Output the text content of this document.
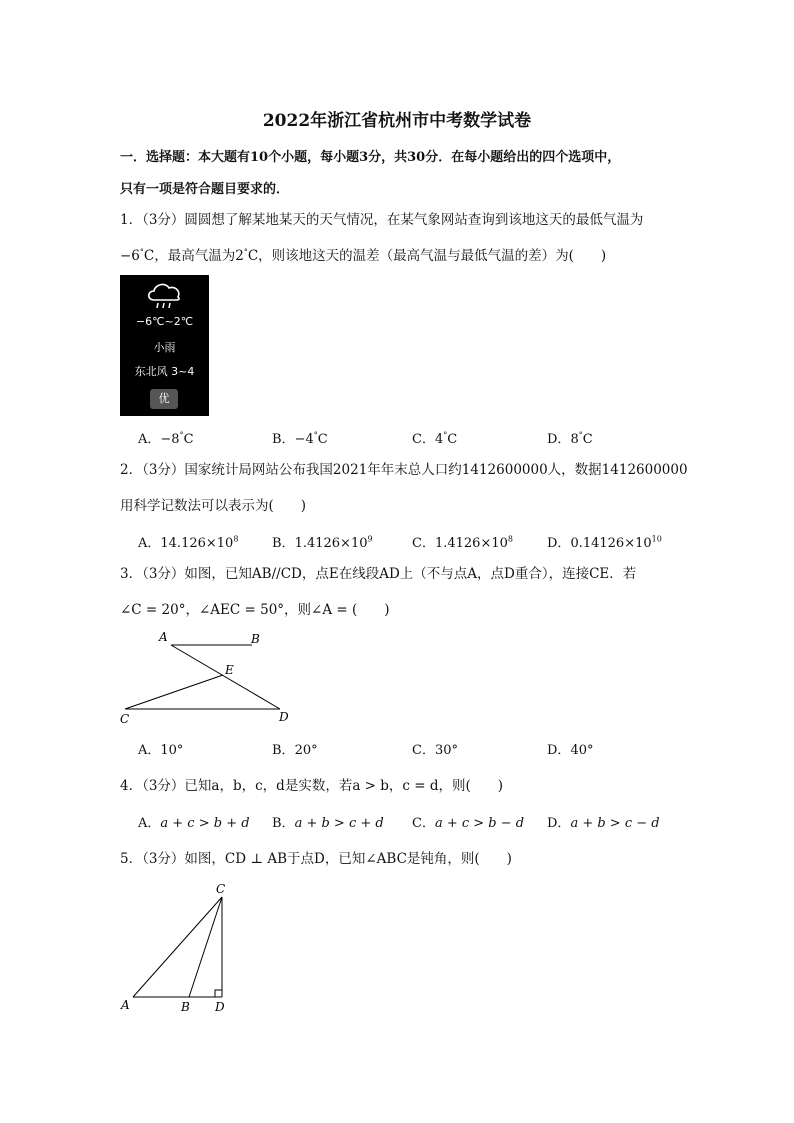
2022年浙江省杭州市中考数学试卷
一．选择题：本大题有10个小题，每小题3分，共30分．在每小题给出的四个选项中，
只有一项是符合题目要求的．
1．（3分）圆圆想了解某地某天的天气情况，在某气象网站查询到该地这天的最低气温为
−6°C，最高气温为2°C，则该地这天的温差（最高气温与最低气温的差）为(　　)
−6℃~2℃
小雨
东北风 3~4
优
A．−8°C	B．−4°C	C．4°C	D．8°C
2．（3分）国家统计局网站公布我国2021年年末总人口约1412600000人，数据1412600000
用科学记数法可以表示为(　　)
A．$14.126\times 10^8$	B．$1.4126\times 10^9$	C．$1.4126\times 10^8$	D．$0.14126\times 10^{10}$
3．（3分）如图，已知AB//CD，点E在线段AD上（不与点A，点D重合），连接CE．若
∠C = 20°，∠AEC = 50°，则∠A = (　　)
A	B
E
C	D
A．10°	B．20°	C．30°	D．40°
4．（3分）已知a，b，c，d是实数，若a > b，c = d，则(　　)
A．a + c > b + d B．a + b > c + d C．a + c > b − d D．a + b > c − d
5．（3分）如图，CD ⊥ AB于点D，已知∠ABC是钝角，则(　　)
C
A	B D
